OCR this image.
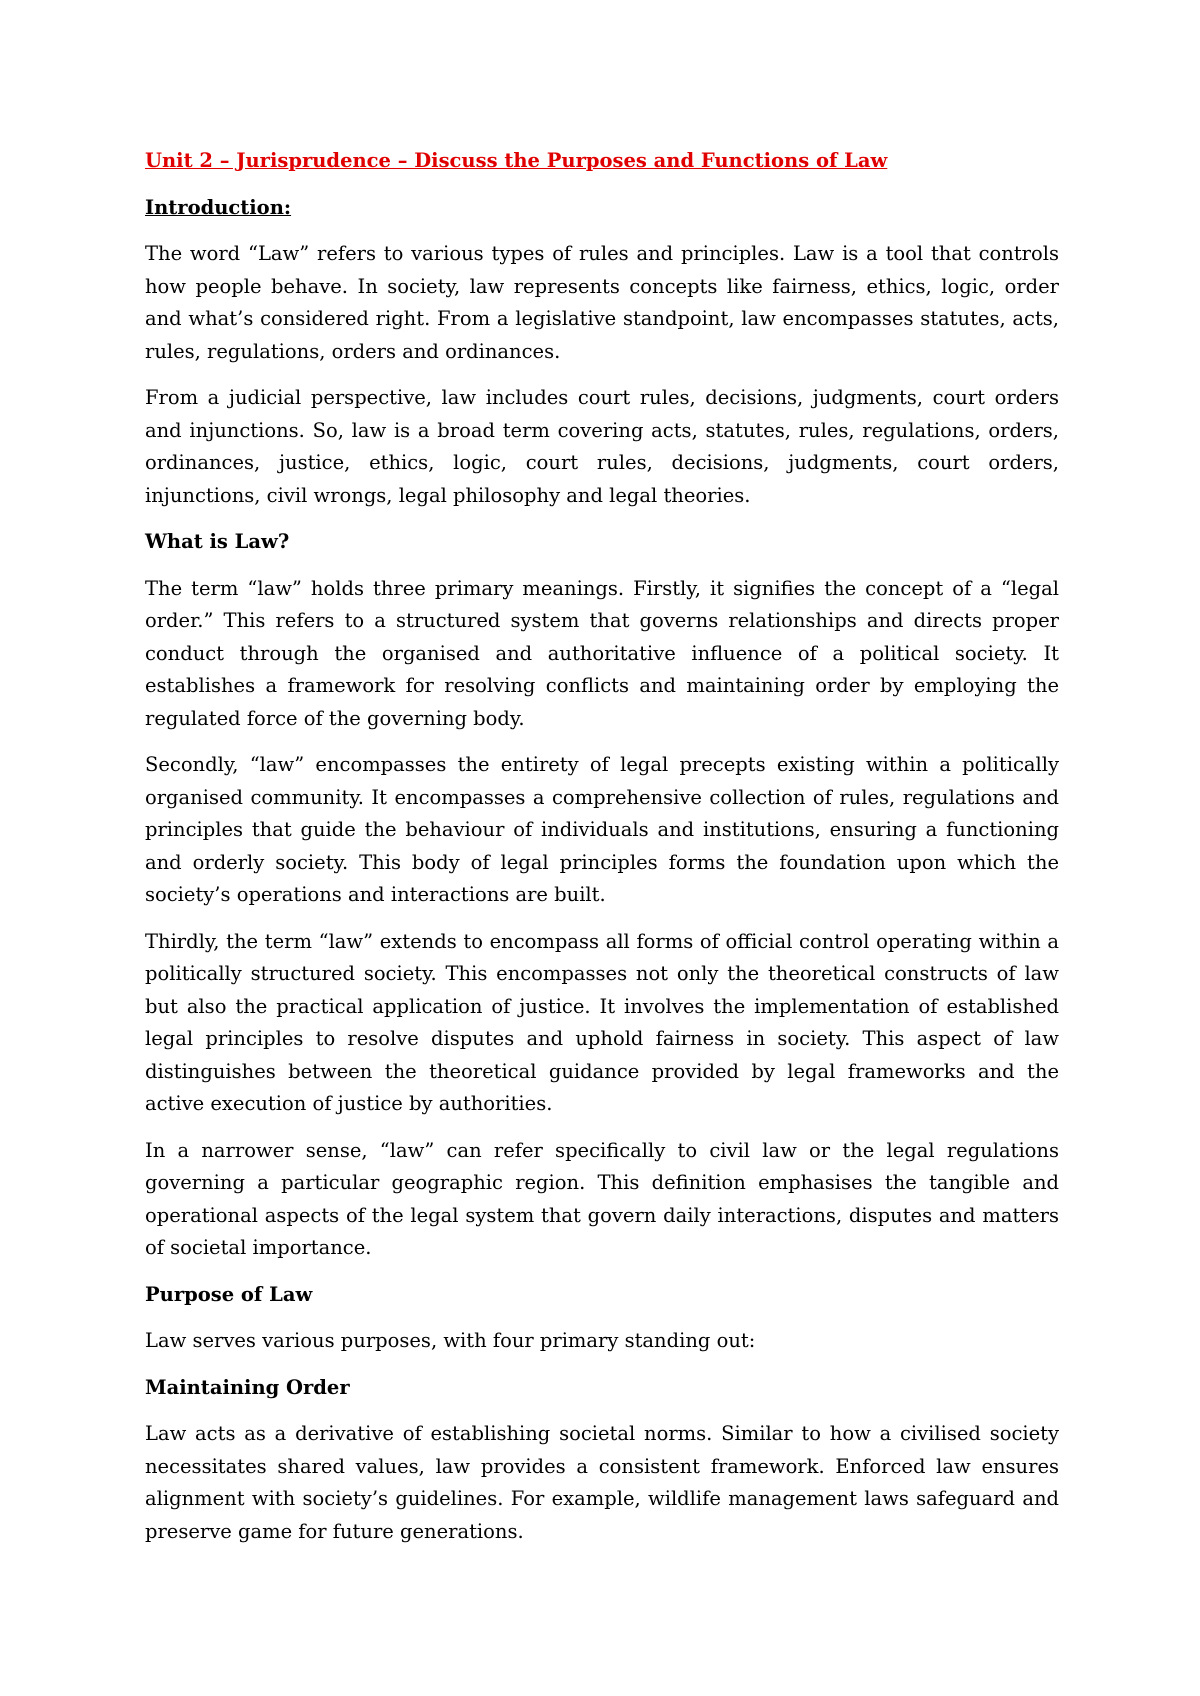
Unit 2 – Jurisprudence – Discuss the Purposes and Functions of Law

Introduction:

The word “Law” refers to various types of rules and principles. Law is a tool that controls how people behave. In society, law represents concepts like fairness, ethics, logic, order and what’s considered right. From a legislative standpoint, law encompasses statutes, acts, rules, regulations, orders and ordinances.

From a judicial perspective, law includes court rules, decisions, judgments, court orders and injunctions. So, law is a broad term covering acts, statutes, rules, regulations, orders, ordinances, justice, ethics, logic, court rules, decisions, judgments, court orders, injunctions, civil wrongs, legal philosophy and legal theories.

What is Law?

The term “law” holds three primary meanings. Firstly, it signifies the concept of a “legal order.” This refers to a structured system that governs relationships and directs proper conduct through the organised and authoritative influence of a political society. It establishes a framework for resolving conflicts and maintaining order by employing the regulated force of the governing body.

Secondly, “law” encompasses the entirety of legal precepts existing within a politically organised community. It encompasses a comprehensive collection of rules, regulations and principles that guide the behaviour of individuals and institutions, ensuring a functioning and orderly society. This body of legal principles forms the foundation upon which the society’s operations and interactions are built.

Thirdly, the term “law” extends to encompass all forms of official control operating within a politically structured society. This encompasses not only the theoretical constructs of law but also the practical application of justice. It involves the implementation of established legal principles to resolve disputes and uphold fairness in society. This aspect of law distinguishes between the theoretical guidance provided by legal frameworks and the active execution of justice by authorities.

In a narrower sense, “law” can refer specifically to civil law or the legal regulations governing a particular geographic region. This definition emphasises the tangible and operational aspects of the legal system that govern daily interactions, disputes and matters of societal importance.

Purpose of Law

Law serves various purposes, with four primary standing out:

Maintaining Order

Law acts as a derivative of establishing societal norms. Similar to how a civilised society necessitates shared values, law provides a consistent framework. Enforced law ensures alignment with society’s guidelines. For example, wildlife management laws safeguard and preserve game for future generations.
